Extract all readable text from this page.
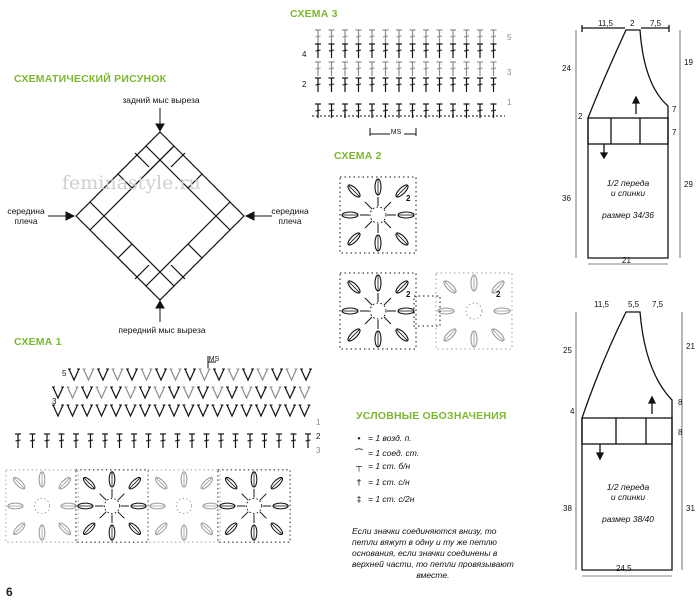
feminastyle.ru
СХЕМАТИЧЕСКИЙ РИСУНОК
задний мыс выреза
передний мыс выреза
середина плеча
середина плеча
СХЕМА 1
MS
5
3
1
2
3
СХЕМА 3
4
2
5
3
1
MS
СХЕМА 2
2
2	2
УСЛОВНЫЕ ОБОЗНАЧЕНИЯ
• = 1 возд. п.
⌒ = 1 соед. ст.
┬ = 1 ст. б/н
† = 1 ст. с/н
‡ = 1 ст. с/2н
Если значки соединяются внизу, то
петли вяжут в одну и ту же петлю
основания, если значки соединены в
верхней части, то петли провязывают
вместе.
11,5 2 7,5
24
19
2
7
7
36
29
21
1/2 переда
и спинки
размер 34/36
11,5 5,5 7,5
25	21
4
8
8
38	31
24,5
1/2 переда
и спинки
размер 38/40
6
